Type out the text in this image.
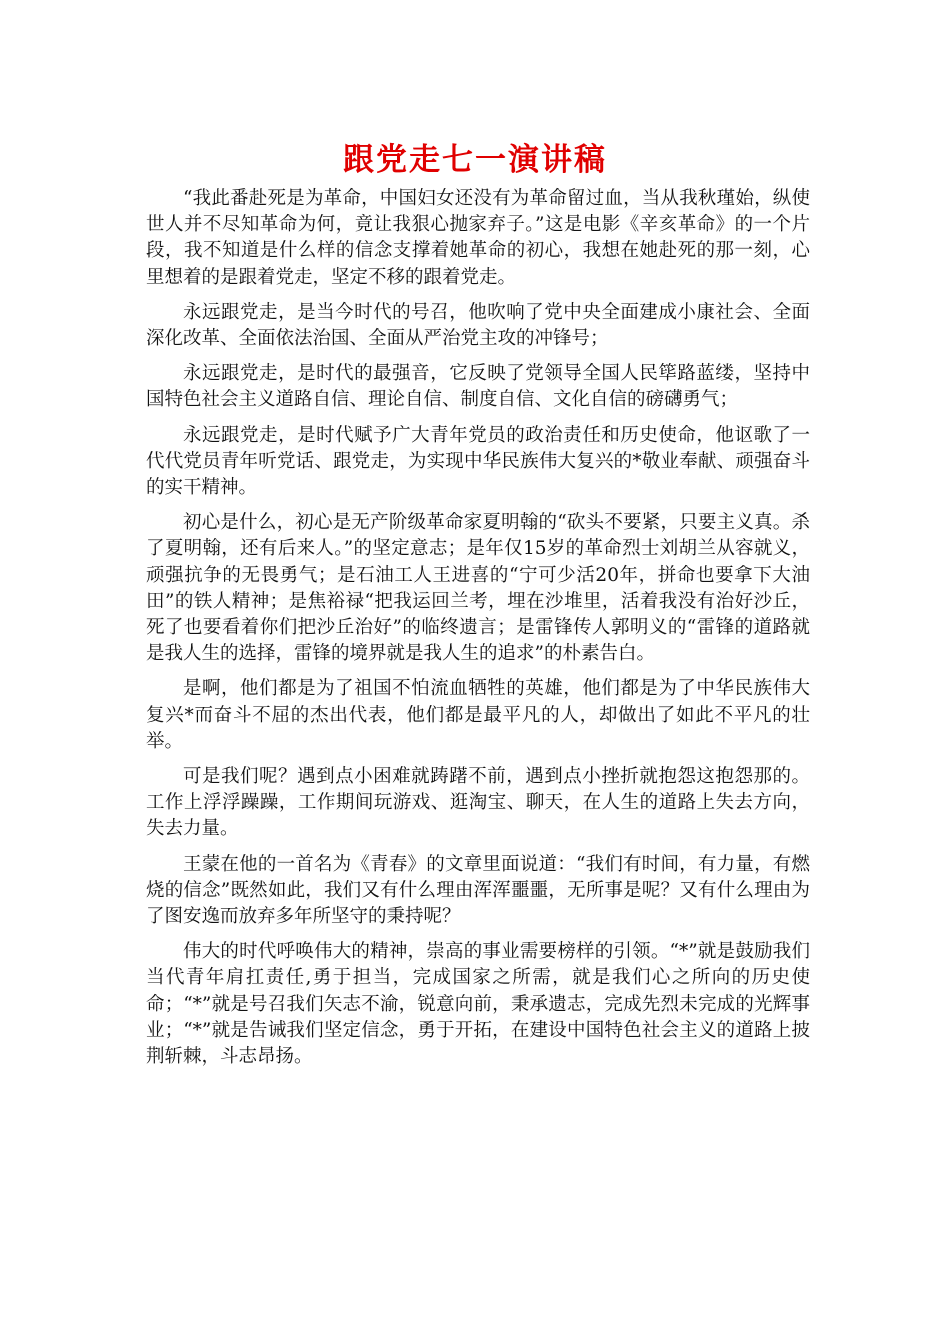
跟党走七一演讲稿

“我此番赴死是为革命，中国妇女还没有为革命留过血，当从我秋瑾始，纵使世人并不尽知革命为何，竟让我狠心抛家弃子。”这是电影《辛亥革命》的一个片段，我不知道是什么样的信念支撑着她革命的初心，我想在她赴死的那一刻，心里想着的是跟着党走，坚定不移的跟着党走。

永远跟党走，是当今时代的号召，他吹响了党中央全面建成小康社会、全面深化改革、全面依法治国、全面从严治党主攻的冲锋号；

永远跟党走，是时代的最强音，它反映了党领导全国人民筚路蓝缕，坚持中国特色社会主义道路自信、理论自信、制度自信、文化自信的磅礴勇气；

永远跟党走，是时代赋予广大青年党员的政治责任和历史使命，他讴歌了一代代党员青年听党话、跟党走，为实现中华民族伟大复兴的*敬业奉献、顽强奋斗的实干精神。

初心是什么，初心是无产阶级革命家夏明翰的“砍头不要紧，只要主义真。杀了夏明翰，还有后来人。”的坚定意志；是年仅15岁的革命烈士刘胡兰从容就义，顽强抗争的无畏勇气；是石油工人王进喜的“宁可少活20年，拼命也要拿下大油田”的铁人精神；是焦裕禄“把我运回兰考，埋在沙堆里，活着我没有治好沙丘，死了也要看着你们把沙丘治好”的临终遗言；是雷锋传人郭明义的“雷锋的道路就是我人生的选择，雷锋的境界就是我人生的追求”的朴素告白。

是啊，他们都是为了祖国不怕流血牺牲的英雄，他们都是为了中华民族伟大复兴*而奋斗不屈的杰出代表，他们都是最平凡的人，却做出了如此不平凡的壮举。

可是我们呢？遇到点小困难就踌躇不前，遇到点小挫折就抱怨这抱怨那的。工作上浮浮躁躁，工作期间玩游戏、逛淘宝、聊天，在人生的道路上失去方向，失去力量。

王蒙在他的一首名为《青春》的文章里面说道：“我们有时间，有力量，有燃烧的信念”既然如此，我们又有什么理由浑浑噩噩，无所事是呢？又有什么理由为了图安逸而放弃多年所坚守的秉持呢？

伟大的时代呼唤伟大的精神，崇高的事业需要榜样的引领。“*”就是鼓励我们当代青年肩扛责任,勇于担当，完成国家之所需，就是我们心之所向的历史使命；“*”就是号召我们矢志不渝，锐意向前，秉承遗志，完成先烈未完成的光辉事业；“*”就是告诫我们坚定信念，勇于开拓，在建设中国特色社会主义的道路上披荆斩棘，斗志昂扬。
